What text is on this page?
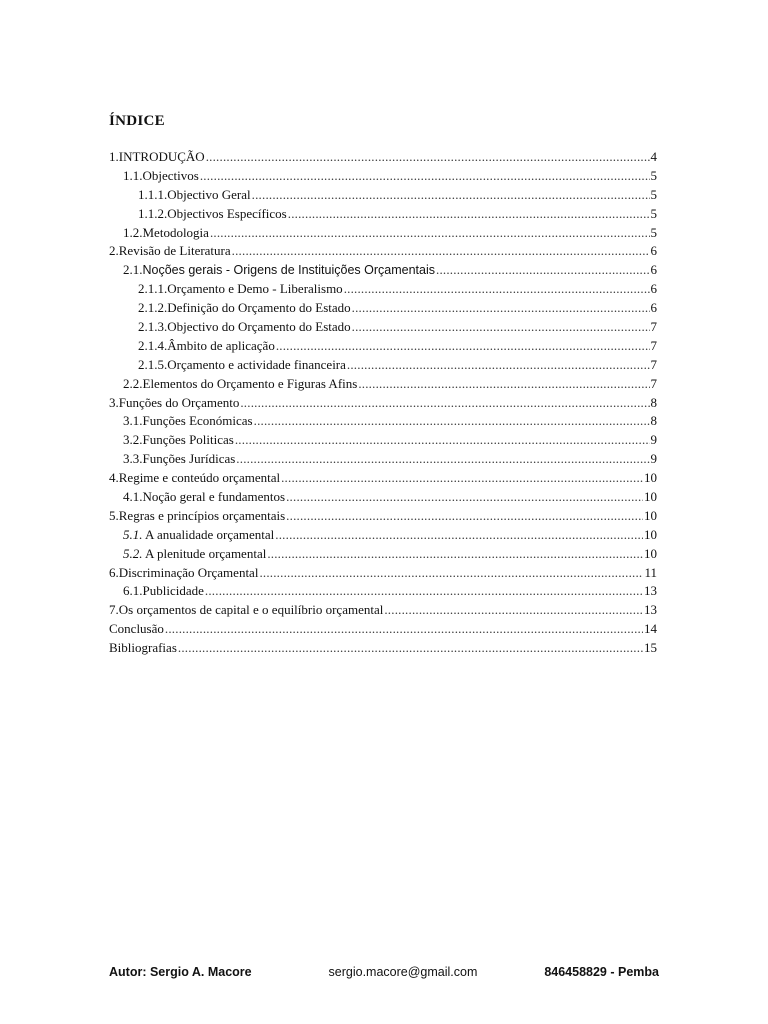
ÍNDICE
1.INTRODUÇÃO .....	4
1.1.Objectivos .....	5
1.1.1.Objectivo Geral .....	5
1.1.2.Objectivos Específicos .....	5
1.2.Metodologia .....	5
2.Revisão de Literatura .....	6
2.1.Noções gerais - Origens de Instituições Orçamentais .....	6
2.1.1.Orçamento e Demo - Liberalismo .....	6
2.1.2.Definição do Orçamento do Estado .....	6
2.1.3.Objectivo do Orçamento do Estado .....	7
2.1.4.Âmbito de aplicação .....	7
2.1.5.Orçamento e actividade financeira .....	7
2.2.Elementos do Orçamento e Figuras Afins .....	7
3.Funções do Orçamento .....	8
3.1.Funções Económicas .....	8
3.2.Funções Politicas .....	9
3.3.Funções Jurídicas .....	9
4.Regime e conteúdo orçamental .....	10
4.1.Noção geral e fundamentos .....	10
5.Regras e princípios orçamentais .....	10
5.1. A anualidade orçamental .....	10
5.2. A plenitude orçamental .....	10
6.Discriminação Orçamental .....	11
6.1.Publicidade .....	13
7.Os orçamentos de capital e o equilíbrio orçamental .....	13
Conclusão .....	14
Bibliografias .....	15
Autor: Sergio A. Macore	sergio.macore@gmail.com	846458829 - Pemba
